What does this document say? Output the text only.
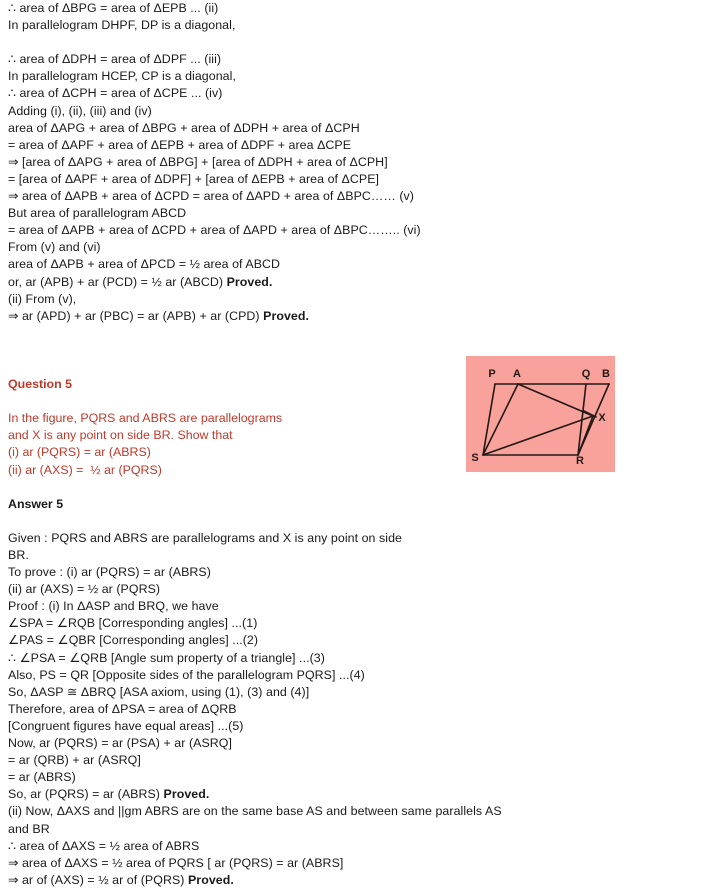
∴ area of ΔBPG = area of ΔEPB ... (ii)
In parallelogram DHPF, DP is a diagonal,
∴ area of ΔDPH = area of ΔDPF ... (iii)
In parallelogram HCEP, CP is a diagonal,
∴ area of ΔCPH = area of ΔCPE ... (iv)
Adding (i), (ii), (iii) and (iv)
area of ΔAPG + area of ΔBPG + area of ΔDPH + area of ΔCPH
= area of ΔAPF + area of ΔEPB + area of ΔDPF + area ΔCPE
⇒ [area of ΔAPG + area of ΔBPG] + [area of ΔDPH + area of ΔCPH]
= [area of ΔAPF + area of ΔDPF] + [area of ΔEPB + area of ΔCPE]
⇒ area of ΔAPB + area of ΔCPD = area of ΔAPD + area of ΔBPC…… (v)
But area of parallelogram ABCD
= area of ΔAPB + area of ΔCPD + area of ΔAPD + area of ΔBPC…….. (vi)
From (v) and (vi)
area of ΔAPB + area of ΔPCD = ½ area of ABCD
or, ar (APB) + ar (PCD) = ½ ar (ABCD) Proved.
(ii) From (v),
⇒ ar (APD) + ar (PBC) = ar (APB) + ar (CPD) Proved.
Question 5
In the figure, PQRS and ABRS are parallelograms
and X is any point on side BR. Show that
(i) ar (PQRS) = ar (ABRS)
(ii) ar (AXS) =  ½ ar (PQRS)
Answer 5
Given : PQRS and ABRS are parallelograms and X is any point on side
BR.
To prove : (i) ar (PQRS) = ar (ABRS)
(ii) ar (AXS) = ½ ar (PQRS)
Proof : (i) In ΔASP and BRQ, we have
∠SPA = ∠RQB [Corresponding angles] ...(1)
∠PAS = ∠QBR [Corresponding angles] ...(2)
∴ ∠PSA = ∠QRB [Angle sum property of a triangle] ...(3)
Also, PS = QR [Opposite sides of the parallelogram PQRS] ...(4)
So, ΔASP ≅ ΔBRQ [ASA axiom, using (1), (3) and (4)]
Therefore, area of ΔPSA = area of ΔQRB
[Congruent figures have equal areas] ...(5)
Now, ar (PQRS) = ar (PSA) + ar (ASRQ]
= ar (QRB) + ar (ASRQ]
= ar (ABRS)
So, ar (PQRS) = ar (ABRS) Proved.
(ii) Now, ΔAXS and ||gm ABRS are on the same base AS and between same parallels AS
and BR
∴ area of ΔAXS = ½ area of ABRS
⇒ area of ΔAXS = ½ area of PQRS [ ar (PQRS) = ar (ABRS]
⇒ ar of (AXS) = ½ ar of (PQRS) Proved.
P A	Q B
X
S	R
